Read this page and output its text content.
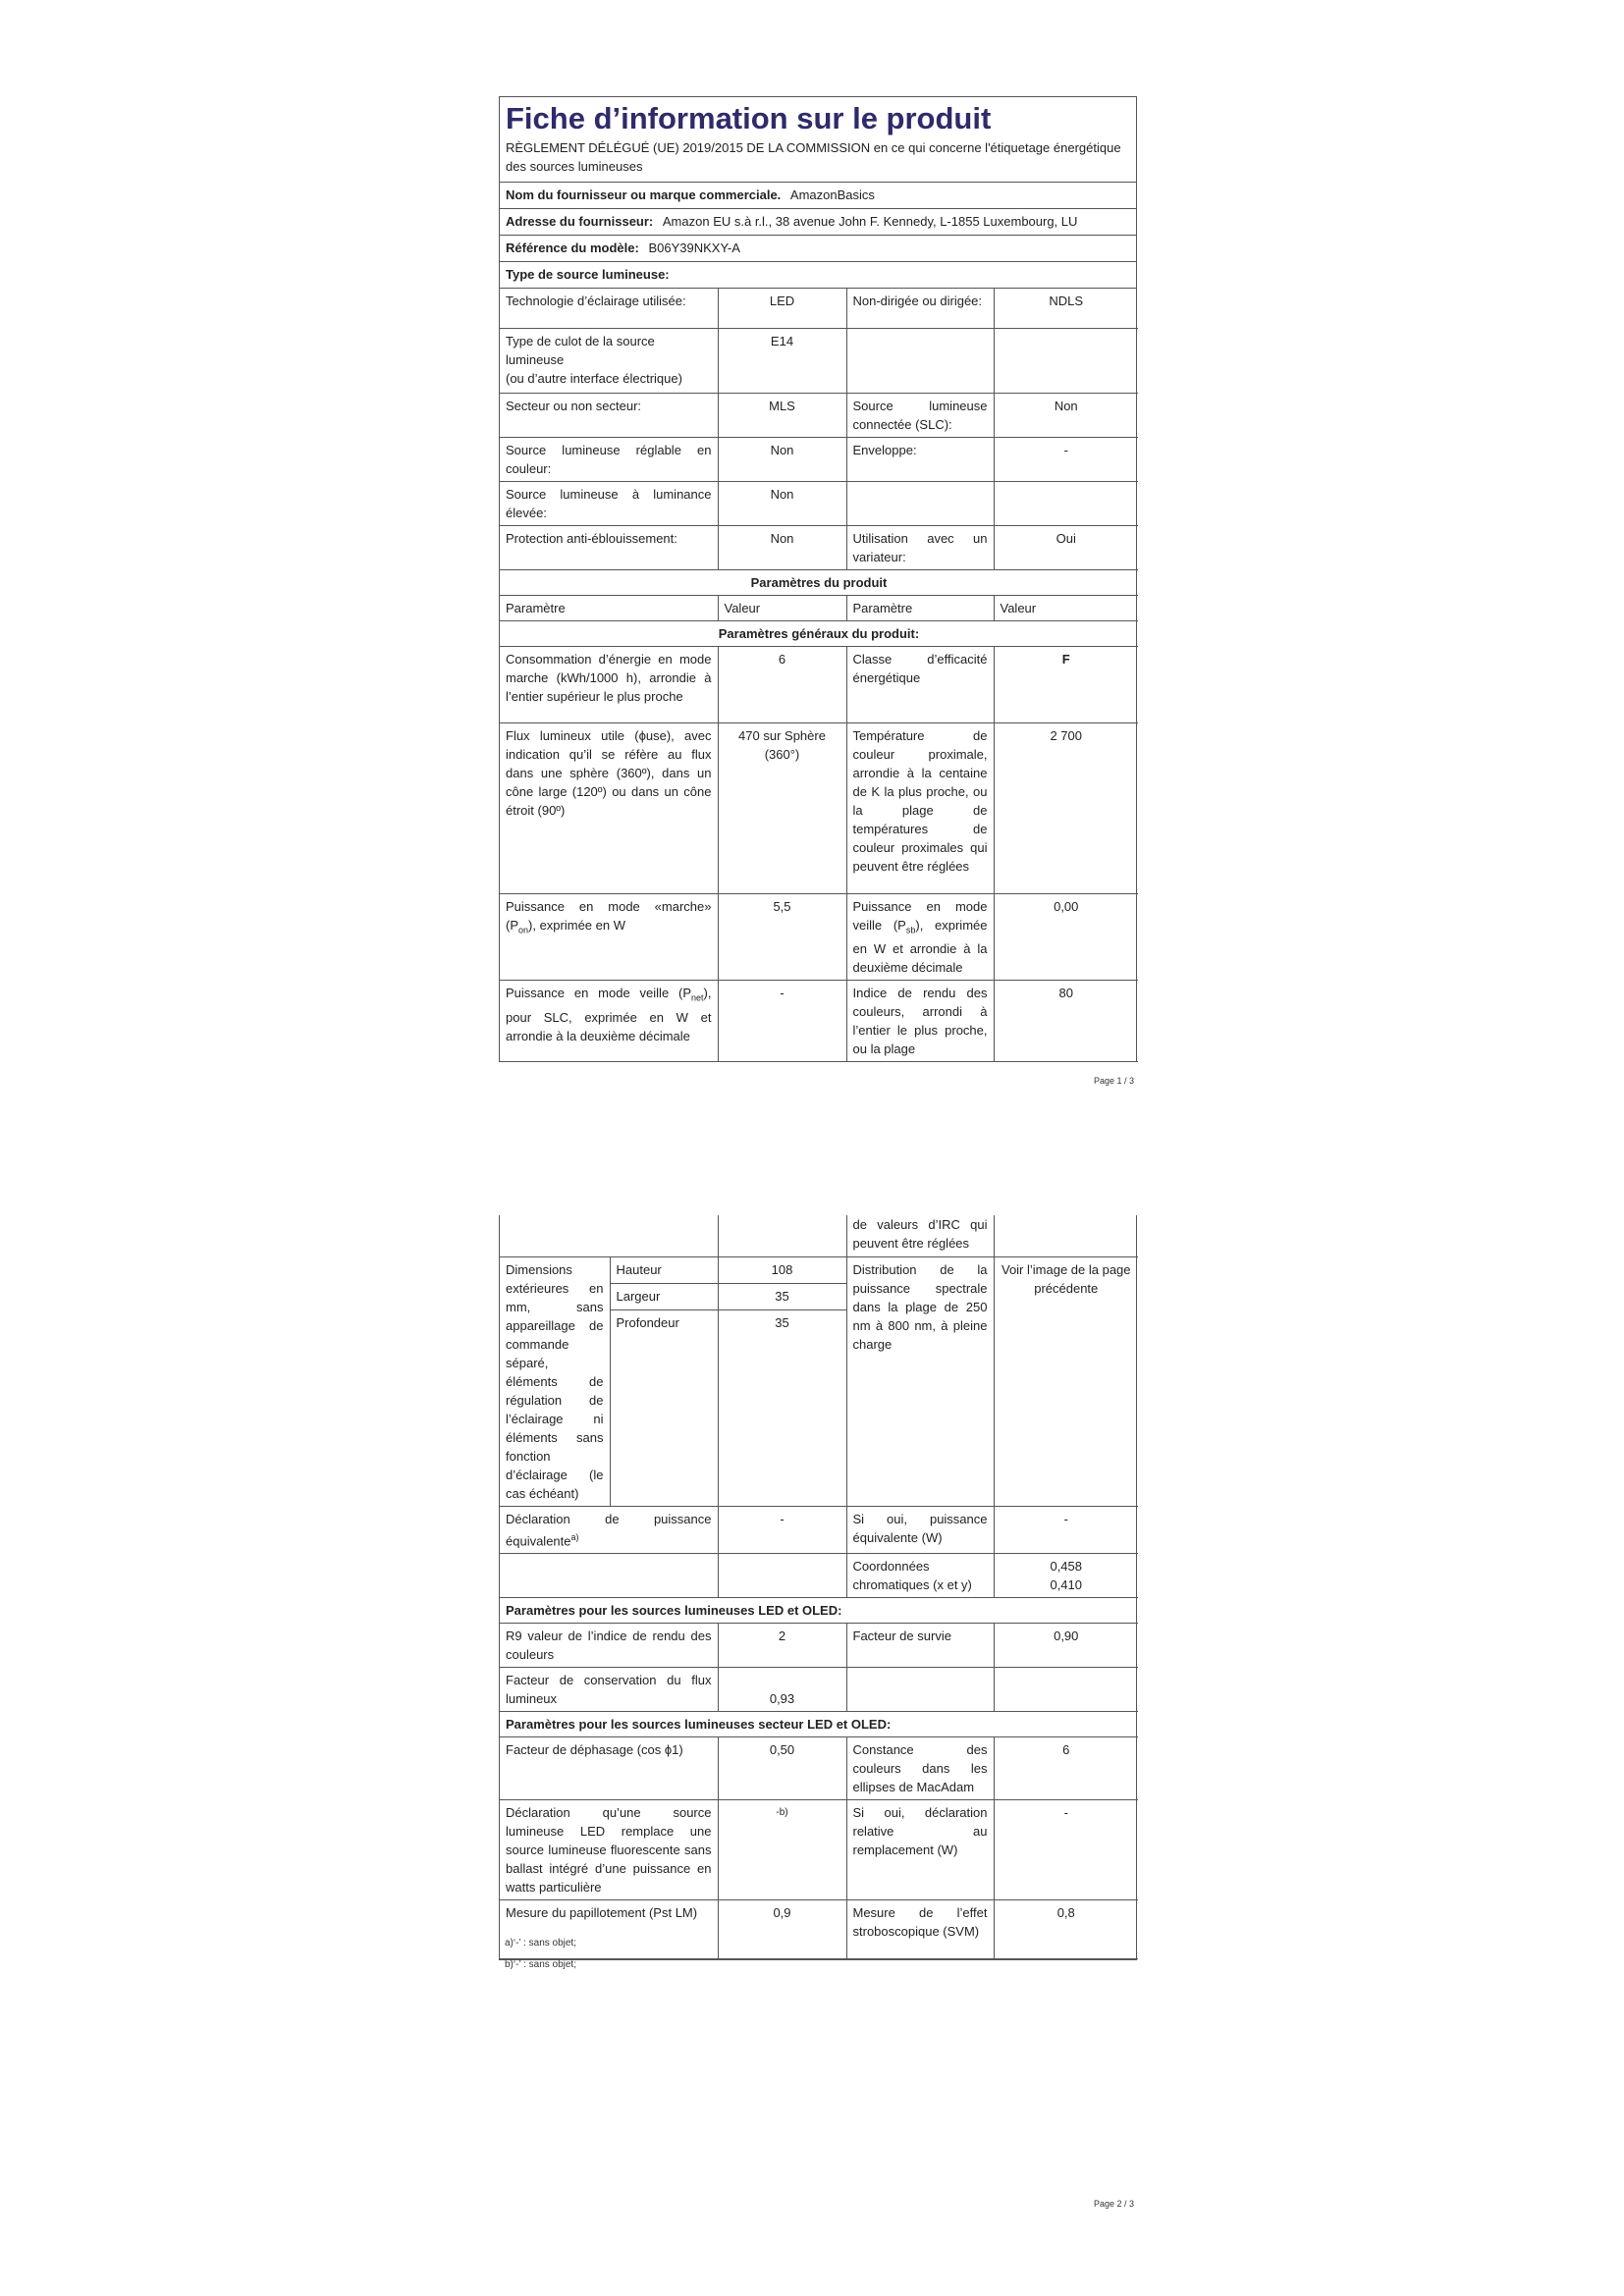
Fiche d’information sur le produit
RÈGLEMENT DÉLÉGUÉ (UE) 2019/2015 DE LA COMMISSION en ce qui concerne l'étiquetage énergétique des sources lumineuses
Nom du fournisseur ou marque commerciale. AmazonBasics
Adresse du fournisseur: Amazon EU s.à r.l., 38 avenue John F. Kennedy, L-1855 Luxembourg, LU
Référence du modèle: B06Y39NKXY-A
Type de source lumineuse:
Technologie d’éclairage utilisée:	LED	Non-dirigée ou dirigée:	NDLS
Type de culot de la source lumineuse
(ou d’autre interface électrique)	E14		
Secteur ou non secteur:	MLS	Source lumineuse connectée (SLC):	Non
Source lumineuse réglable en couleur:	Non	Enveloppe:	-
Source lumineuse à luminance élevée:	Non		
Protection anti-éblouissement:	Non	Utilisation avec un variateur:	Oui
Paramètres du produit			
Paramètre	Valeur	Paramètre	Valeur
Paramètres généraux du produit:			
Consommation d’énergie en mode marche (kWh/1000 h), arrondie à l’entier supérieur le plus proche	6	Classe d’efficacité énergétique	F
Flux lumineux utile (ϕuse), avec indication qu’il se réfère au flux dans une sphère (360º), dans un cône large (120º) ou dans un cône étroit (90º)	470 sur Sphère (360°)	Température de couleur proximale, arrondie à la centaine de K la plus proche, ou la plage de températures de couleur proximales qui peuvent être réglées	2 700
Puissance en mode «marche» $(P_{on})$, exprimée en W	5,5	Puissance en mode veille $(P_{sb})$, exprimée en W et arrondie à la deuxième décimale	0,00
Puissance en mode veille $(P_{net})$, pour SLC, exprimée en W et arrondie à la deuxième décimale	-	Indice de rendu des couleurs, arrondi à l’entier le plus proche, ou la plage	80
Page 1 / 3
			de valeurs d’IRC qui peuvent être réglées	
Dimensions extérieures en mm, sans appareillage de commande séparé, éléments de régulation de l’éclairage ni éléments sans fonction d’éclairage (le cas échéant)	Hauteur	108	Distribution de la puissance spectrale dans la plage de 250 nm à 800 nm, à pleine charge	Voir l’image de la page précédente
	Largeur	35		
	Profondeur	35		
Déclaration de puissance équivalente$^{a)}$		-	Si oui, puissance équivalente (W)	-
			Coordonnées chromatiques (x et y)	0,458
0,410

Paramètres pour les sources lumineuses LED et OLED:				
R9 valeur de l’indice de rendu des couleurs		2	Facteur de survie	0,90
Facteur de conservation du flux lumineux		0,93		
Paramètres pour les sources lumineuses secteur LED et OLED:				
Facteur de déphasage (cos ϕ1)		0,50	Constance des couleurs dans les ellipses de MacAdam	6
Déclaration qu’une source lumineuse LED remplace une source lumineuse fluorescente sans ballast intégré d’une puissance en watts particulière		-b)	Si oui, déclaration relative au remplacement (W)	-
Mesure du papillotement (Pst LM)		0,9	Mesure de l’effet stroboscopique (SVM)	0,8
a)‘-’ : sans objet;
b)‘-’ : sans objet;
Page 2 / 3
